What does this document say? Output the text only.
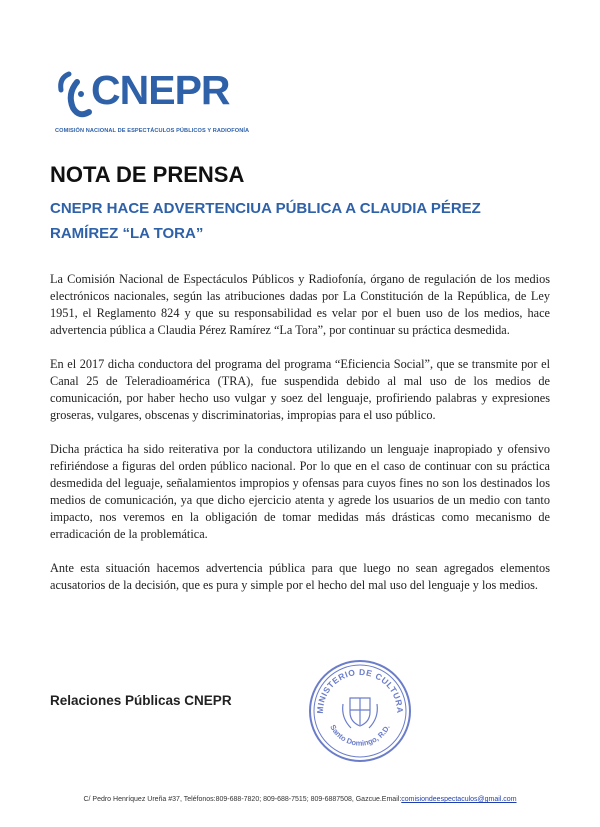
CNEPR
COMISIÓN NACIONAL DE ESPECTÁCULOS PÚBLICOS Y RADIOFONÍA
NOTA DE PRENSA
CNEPR HACE ADVERTENCIUA PÚBLICA A CLAUDIA PÉREZ RAMÍREZ “LA TORA”

La Comisión Nacional de Espectáculos Públicos y Radiofonía, órgano de regulación de los medios electrónicos nacionales, según las atribuciones dadas por La Constitución de la República, de Ley 1951, el Reglamento 824 y que su responsabilidad es velar por el buen uso de los medios, hace advertencia pública a Claudia Pérez Ramírez “La Tora”, por continuar su práctica desmedida.

En el 2017 dicha conductora del programa del programa “Eficiencia Social”, que se transmite por el Canal 25 de Teleradioamérica (TRA), fue suspendida debido al mal uso de los medios de comunicación, por haber hecho uso vulgar y soez del lenguaje, profiriendo palabras y expresiones groseras, vulgares, obscenas y discriminatorias, impropias para el uso público.

Dicha práctica ha sido reiterativa por la conductora utilizando un lenguaje inapropiado y ofensivo refiriéndose a figuras del orden público nacional. Por lo que en el caso de continuar con su práctica desmedida del leguaje, señalamientos impropios y ofensas para cuyos fines no son los destinados los medios de comunicación, ya que dicho ejercicio atenta y agrede los usuarios de un medio con tanto impacto, nos veremos en la obligación de tomar medidas más drásticas como mecanismo de erradicación de la problemática.

Ante esta situación hacemos advertencia pública para que luego no sean agregados elementos acusatorios de la decisión, que es pura y simple por el hecho del mal uso del lenguaje y los medios.

Relaciones Públicas CNEPR
MINISTERIO DE CULTURA
Santo Domingo, R.D.
C/ Pedro Henríquez Ureña #37, Teléfonos:809-688-7820; 809-688-7515; 809-6887508, Gazcue.Email:comisiondeespectaculos@gmail.com
